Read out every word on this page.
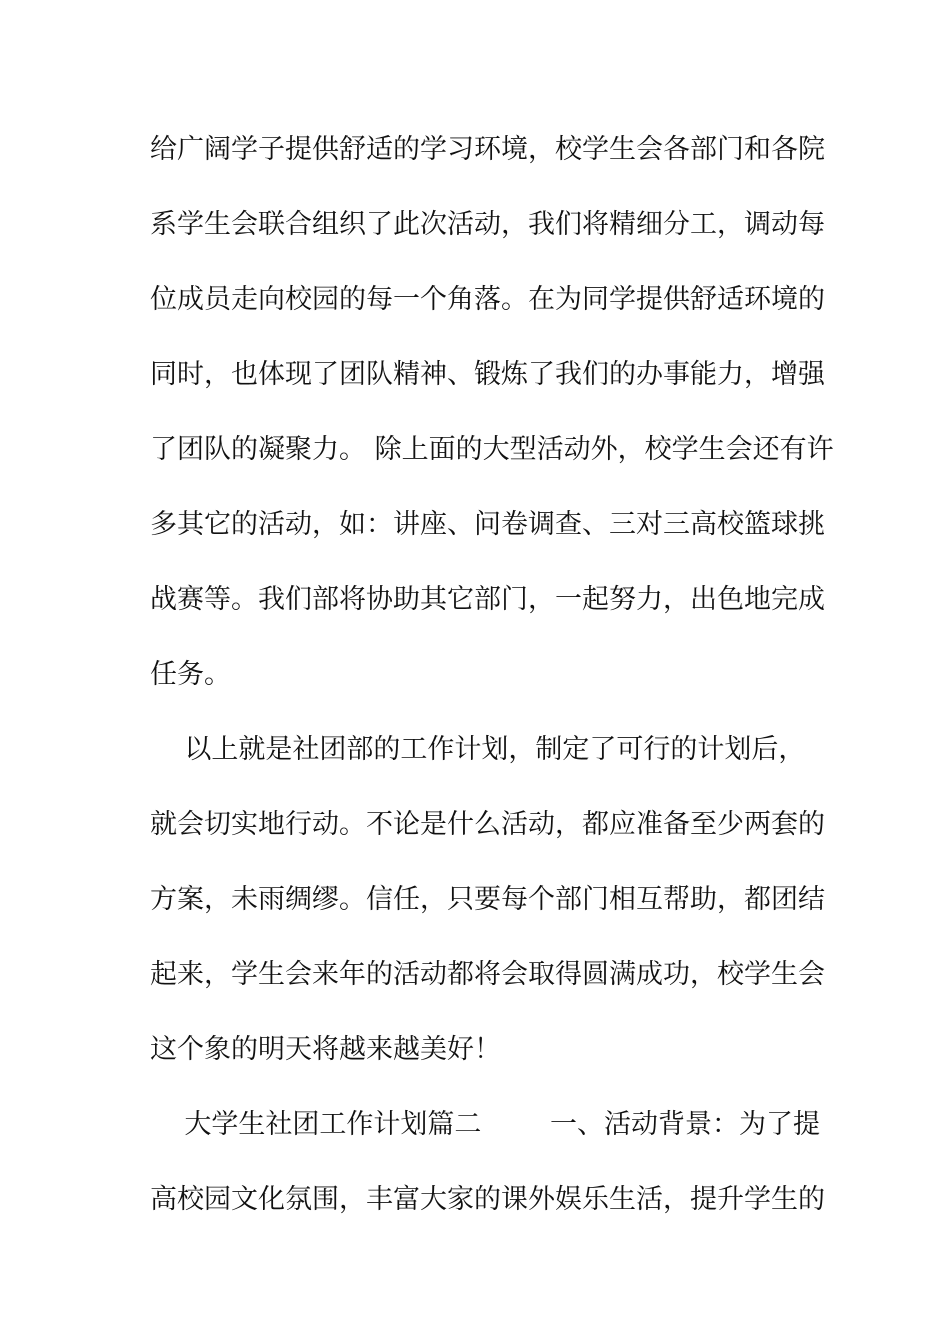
给广阔学子提供舒适的学习环境，校学生会各部门和各院
系学生会联合组织了此次活动，我们将精细分工，调动每
位成员走向校园的每一个角落。在为同学提供舒适环境的
同时，也体现了团队精神、锻炼了我们的办事能力，增强
了团队的凝聚力。 除上面的大型活动外，校学生会还有许
多其它的活动，如：讲座、问卷调查、三对三高校篮球挑
战赛等。我们部将协助其它部门，一起努力，出色地完成
任务。
以上就是社团部的工作计划，制定了可行的计划后，
就会切实地行动。不论是什么活动，都应准备至少两套的
方案，未雨绸缪。信任，只要每个部门相互帮助，都团结
起来，学生会来年的活动都将会取得圆满成功，校学生会
这个象的明天将越来越美好！
大学生社团工作计划篇二        一、活动背景：为了提
高校园文化氛围，丰富大家的课外娱乐生活，提升学生的
